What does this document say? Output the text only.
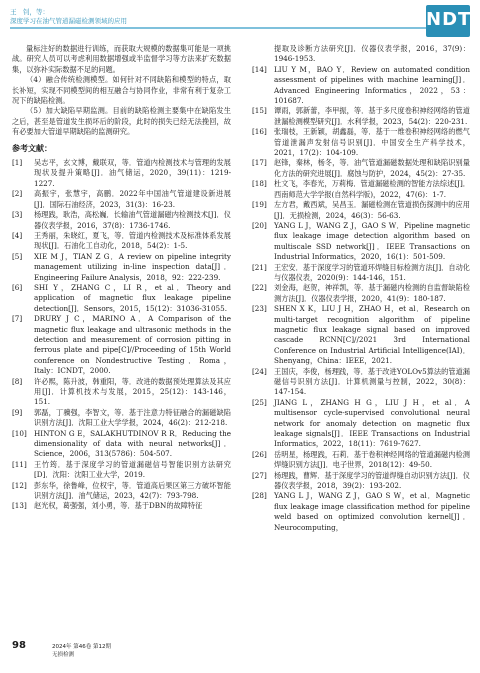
王　钊，等：
深度学习在油气管道漏磁检测领域的应用	NDT

量标注好的数据进行训练，而获取大规模的数据集可能是一项挑战。研究人员可以考虑利用数据增强或半监督学习等方法来扩充数据集，以弥补实际数据不足的问题。

（4）融合传统检测模型。如何针对不同缺陷和模型的特点，取长补短，实现不同模型间的相互融合与协同作业，非常有利于复杂工况下的缺陷检测。

（5）加大缺陷早期监测。目前的缺陷检测主要集中在缺陷发生之后，甚至是管道发生损坏后的阶段，此时的损失已经无法挽回，故有必要加大管道早期缺陷的监测研究。

参考文献：
[1]	吴志平，玄文博，戴联双，等．管道内检测技术与管理的发展现状及提升策略[J]．油气储运，2020，39(11)：1219-1227.
[2]	高振宇，张慧宇，高鹏．2022年中国油气管道建设新进展[J]．国际石油经济，2023，31(3)：16-23.
[3]	杨理践，耿浩，高松巍．长输油气管道漏磁内检测技术[J]．仪器仪表学报，2016，37(8)：1736-1746.
[4]	王秀丽，朱晓红，夏飞，等．管道内检测技术及标准体系发展现状[J]．石油化工自动化，2018，54(2)：1-5.
[5]	XIE M J，TIAN Z G．A review on pipeline integrity management utilizing in-line inspection data[J]．Engineering Failure Analysis，2018，92：222-239.
[6]	SHI Y，ZHANG C，LI R，et al．Theory and application of magnetic flux leakage pipeline detection[J]．Sensors，2015，15(12)：31036-31055.
[7]	DRURY J C，MARINO A．A Comparison of the magnetic flux leakage and ultrasonic methods in the detection and measurement of corrosion pitting in ferrous plate and pipe[C]//Proceeding of 15th World conference on Nondestructive Testing．Roma，Italy：ICNDT，2000.
[8]	许必熙，陈升波，韩重阳，等．改进的数据预处理算法及其应用[J]．计算机技术与发展，2015，25(12)：143-146，151.
[9]	郭磊，丁骥强，李智文，等．基于注意力特征融合的漏磁缺陷识别方法[J]．沈阳工业大学学报，2024，46(2)：212-218.
[10]	HINTON G E，SALAKHUTDINOV R R．Reducing the dimensionality of data with neural networks[J]．Science，2006，313(5786)：504-507.
[11]	王竹筠．基于深度学习的管道漏磁信号智能识别方法研究[D]．沈阳：沈阳工业大学，2019.
[12]	彭东华，徐鲁峰，位权宇，等．管道高后果区第三方破坏智能识别方法[J]．油气储运，2023，42(7)：793-798.
[13]	赵光权，葛强强，刘小勇，等．基于DBN的故障特征
提取及诊断方法研究[J]．仪器仪表学报，2016，37(9)：1946-1953.
[14]	LIU Y M，BAO Y．Review on automated condition assessment of pipelines with machine learning[J]．Advanced Engineering Informatics，2022，53：101687.
[15]	谭雨，郭新蕾，李甲振，等．基于多尺度卷积神经网络的管道泄漏检测模型研究[J]．水利学报，2023，54(2)：220-231.
[16]	张瑞枝，王新颖，胡鑫磊，等．基于一维卷积神经网络的燃气管道泄漏声发射信号识别[J]．中国安全生产科学技术，2021，17(2)：104-109.
[17]	赵锋，秦林，杨冬，等．油气管道漏磁数据处理和缺陷识别量化方法的研究进展[J]．腐蚀与防护，2024，45(2)：27-35.
[18]	杜文飞，李春光，万莉梅．管道漏磁检测的智能方法综述[J]．西南师范大学学报(自然科学版)，2022，47(6)：1-7.
[19]	左方君，戴西斌，吴昌玉．漏磁检测在管道损伤探测中的应用[J]．无损检测，2024，46(3)：56-63.
[20]	YANG L J，WANG Z J，GAO S W．Pipeline magnetic flux leakage image detection algorithm based on multiscale SSD network[J]．IEEE Transactions on Industrial Informatics，2020，16(1)：501-509.
[21]	王宏安．基于深度学习的管道环焊缝目标检测方法[J]．自动化与仪器仪表，2020(9)：144-146，151.
[22]	刘金海，赵贺，神祥凯，等．基于漏磁内检测的自监督缺陷检测方法[J]．仪器仪表学报，2020，41(9)：180-187.
[23]	SHEN X K，LIU J H，ZHAO H，et al．Research on multi-target recognition algorithm of pipeline magnetic flux leakage signal based on improved cascade RCNN[C]//2021 3rd International Conference on Industrial Artificial Intelligence(IAI)．Shenyang，China：IEEE，2021.
[24]	王国庆，李俊，杨理践，等．基于改进YOLOv5算法的管道漏磁信号识别方法[J]．计算机测量与控制，2022，30(8)：147-154.
[25]	JIANG L，ZHANG H G，LIU J H，et al．A multisensor cycle-supervised convolutional neural network for anomaly detection on magnetic flux leakage signals[J]．IEEE Transactions on Industrial Informatics，2022，18(11)：7619-7627.
[26]	岳明星，杨理践，石莉．基于卷积神经网络的管道漏磁内检测焊缝识别方法[J]．电子世界，2018(12)：49-50.
[27]	杨理践，曹辉．基于深度学习的管道焊缝自动识别方法[J]．仪器仪表学报，2018，39(2)：193-202.
[28]	YANG L J，WANG Z J，GAO S W，et al．Magnetic flux leakage image classification method for pipeline weld based on optimized convolution kernel[J]．Neurocomputing，
98	2024年 第46卷 第12期
无损检测
